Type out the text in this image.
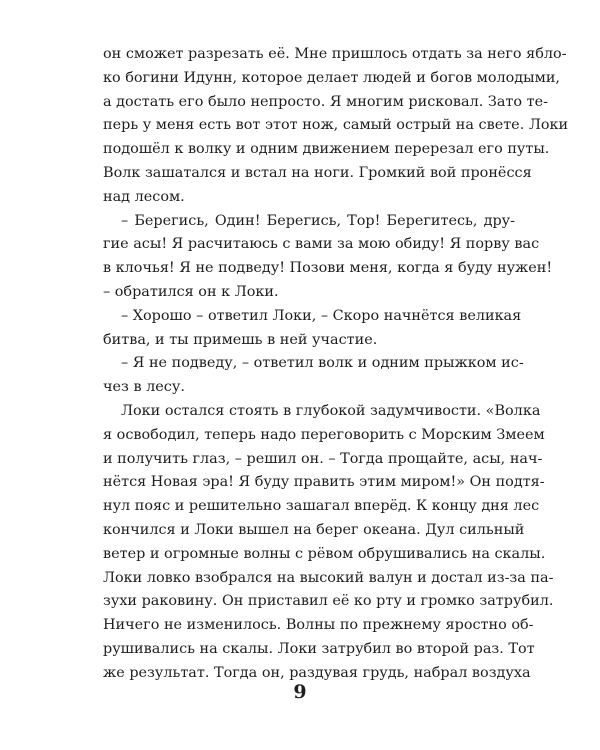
он сможет разрезать её. Мне пришлось отдать за него ябло-
ко богини Идунн, которое делает людей и богов молодыми,
а достать его было непросто. Я многим рисковал. Зато те-
перь у меня есть вот этот нож, самый острый на свете. Локи
подошёл к волку и одним движением перерезал его путы.
Волк зашатался и встал на ноги. Громкий вой пронёсся
над лесом.
– Берегись, Один! Берегись, Тор! Берегитесь, дру-
гие асы! Я расчитаюсь с вами за мою обиду! Я порву вас
в клочья! Я не подведу! Позови меня, когда я буду нужен!
– обратился он к Локи.
– Хорошо – ответил Локи, – Скоро начнётся великая
битва, и ты примешь в ней участие.
– Я не подведу, – ответил волк и одним прыжком ис-
чез в лесу.
Локи остался стоять в глубокой задумчивости. «Волка
я освободил, теперь надо переговорить с Морским Змеем
и получить глаз, – решил он. – Тогда прощайте, асы, нач-
нётся Новая эра! Я буду править этим миром!» Он подтя-
нул пояс и решительно зашагал вперёд. К концу дня лес
кончился и Локи вышел на берег океана. Дул сильный
ветер и огромные волны с рёвом обрушивались на скалы.
Локи ловко взобрался на высокий валун и достал из-за па-
зухи раковину. Он приставил её ко рту и громко затрубил.
Ничего не изменилось. Волны по прежнему яростно об-
рушивались на скалы. Локи затрубил во второй раз. Тот
же результат. Тогда он, раздувая грудь, набрал воздуха
9
